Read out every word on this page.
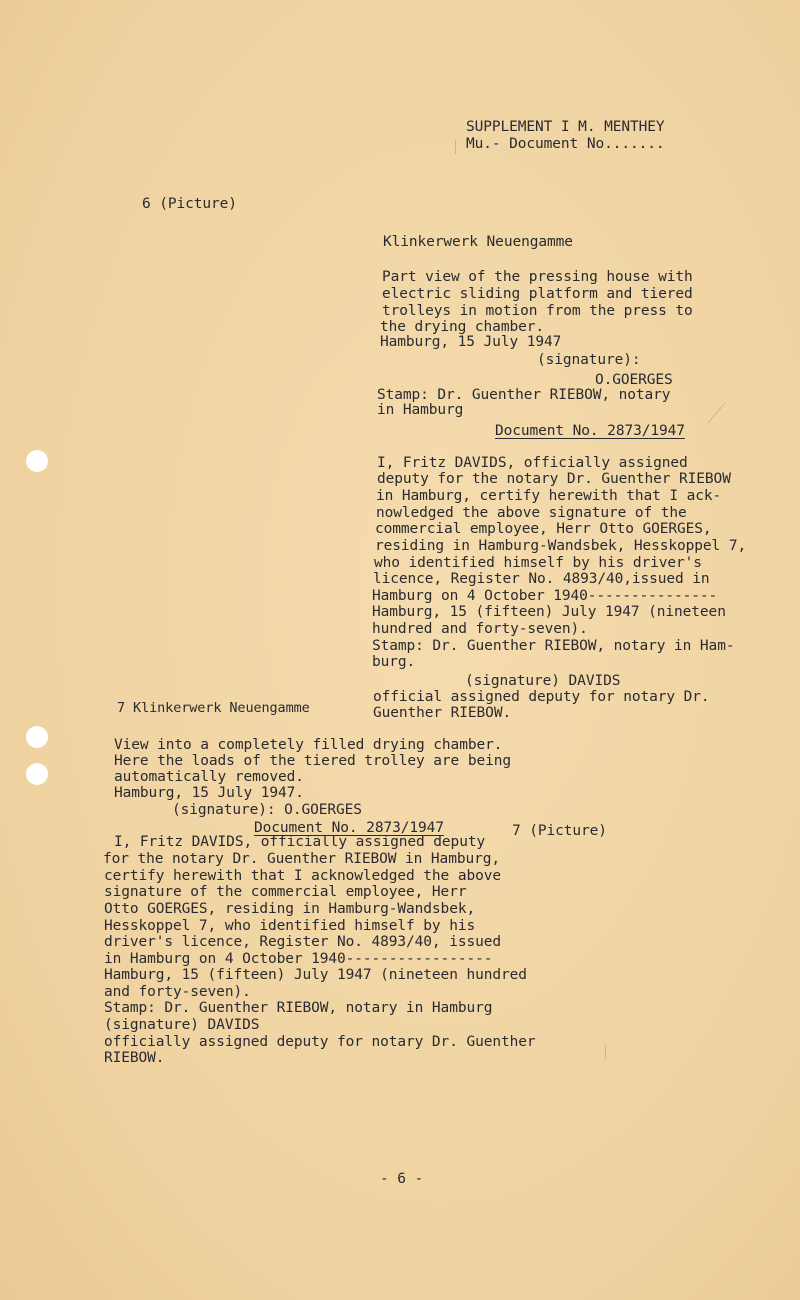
SUPPLEMENT I M. MENTHEY
Mu.- Document No.......
6 (Picture)
Klinkerwerk Neuengamme
Part view of the pressing house with
electric sliding platform and tiered
trolleys in motion from the press to
the drying chamber.
Hamburg, 15 July 1947
(signature):
O.GOERGES
Stamp: Dr. Guenther RIEBOW, notary
in Hamburg
Document No. 2873/1947
I, Fritz DAVIDS, officially assigned
deputy for the notary Dr. Guenther RIEBOW
in Hamburg, certify herewith that I ack-
nowledged the above signature of the
commercial employee, Herr Otto GOERGES,
residing in Hamburg-Wandsbek, Hesskoppel 7,
who identified himself by his driver's
licence, Register No. 4893/40,issued in
Hamburg on 4 October 1940---------------
Hamburg, 15 (fifteen) July 1947 (nineteen
hundred and forty-seven).
Stamp: Dr. Guenther RIEBOW, notary in Ham-
burg.
(signature) DAVIDS
official assigned deputy for notary Dr.
Guenther RIEBOW.
7 Klinkerwerk Neuengamme
View into a completely filled drying chamber.
Here the loads of the tiered trolley are being
automatically removed.
Hamburg, 15 July 1947.
(signature): O.GOERGES
Document No. 2873/1947	7 (Picture)
I, Fritz DAVIDS, officially assigned deputy
for the notary Dr. Guenther RIEBOW in Hamburg,
certify herewith that I acknowledged the above
signature of the commercial employee, Herr
Otto GOERGES, residing in Hamburg-Wandsbek,
Hesskoppel 7, who identified himself by his
driver's licence, Register No. 4893/40, issued
in Hamburg on 4 October 1940-----------------
Hamburg, 15 (fifteen) July 1947 (nineteen hundred
and forty-seven).
Stamp: Dr. Guenther RIEBOW, notary in Hamburg
(signature) DAVIDS
officially assigned deputy for notary Dr. Guenther
RIEBOW.
- 6 -
